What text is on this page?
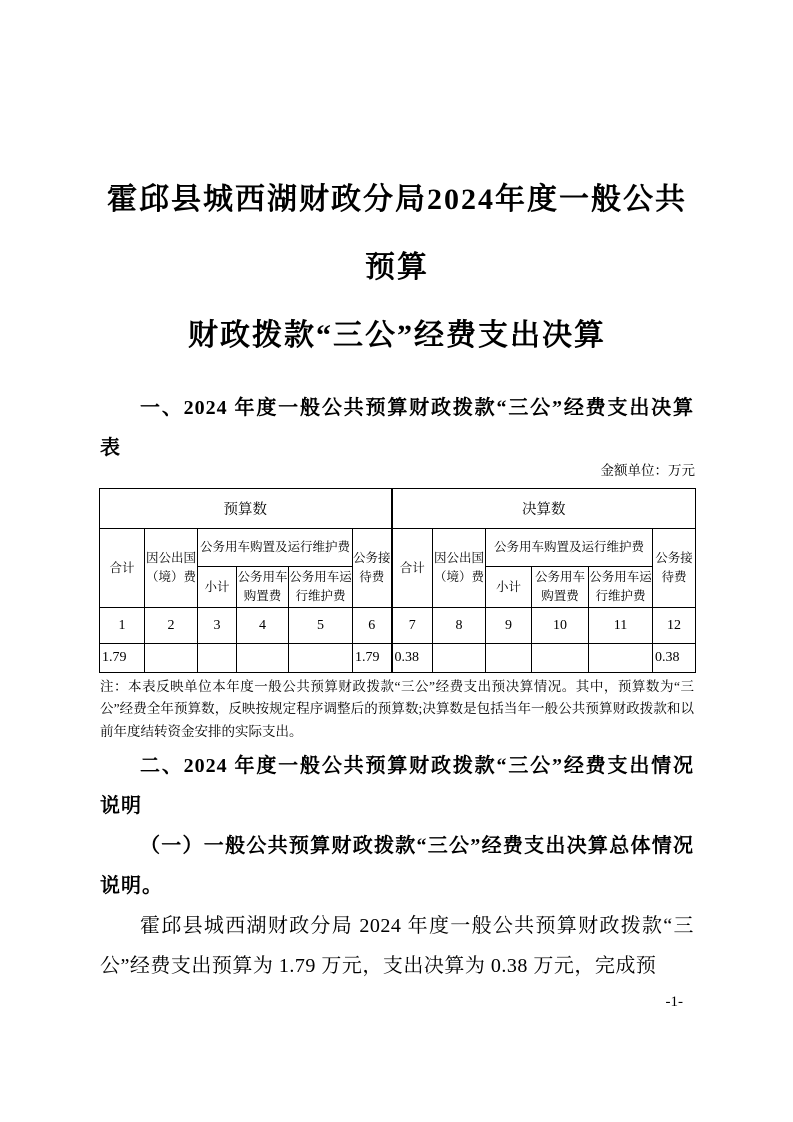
霍邱县城西湖财政分局2024年度一般公共预算
财政拨款“三公”经费支出决算
一、2024 年度一般公共预算财政拨款“三公”经费支出决算表
金额单位：万元
预算数						决算数					
合计	因公出国（境）费	公务用车购置及运行维护费			公务接待费	合计	因公出国（境）费	公务用车购置及运行维护费			公务接待费
		小计	公务用车购置费	公务用车运行维护费				小计	公务用车购置费	公务用车运行维护费	
1	2	3	4	5	6	7	8	9	10	11	12
1.79					1.79	0.38					0.38
注：本表反映单位本年度一般公共预算财政拨款“三公”经费支出预决算情况。其中，预算数为“三公”经费全年预算数，反映按规定程序调整后的预算数;决算数是包括当年一般公共预算财政拨款和以前年度结转资金安排的实际支出。
二、2024 年度一般公共预算财政拨款“三公”经费支出情况说明
（一）一般公共预算财政拨款“三公”经费支出决算总体情况说明。
霍邱县城西湖财政分局 2024 年度一般公共预算财政拨款“三公”经费支出预算为 1.79 万元，支出决算为 0.38 万元，完成预
-1-
